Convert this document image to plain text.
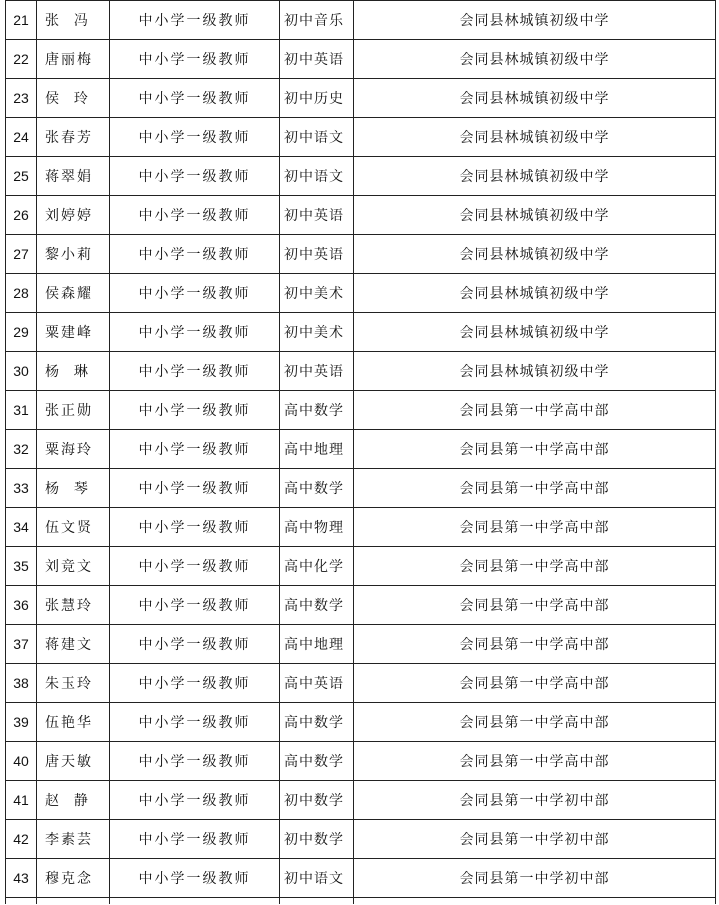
21	张  冯	中小学一级教师	初中音乐	会同县林城镇初级中学
22	唐丽梅	中小学一级教师	初中英语	会同县林城镇初级中学
23	侯  玲	中小学一级教师	初中历史	会同县林城镇初级中学
24	张春芳	中小学一级教师	初中语文	会同县林城镇初级中学
25	蒋翠娟	中小学一级教师	初中语文	会同县林城镇初级中学
26	刘婷婷	中小学一级教师	初中英语	会同县林城镇初级中学
27	黎小莉	中小学一级教师	初中英语	会同县林城镇初级中学
28	侯森耀	中小学一级教师	初中美术	会同县林城镇初级中学
29	粟建峰	中小学一级教师	初中美术	会同县林城镇初级中学
30	杨  琳	中小学一级教师	初中英语	会同县林城镇初级中学
31	张正勋	中小学一级教师	高中数学	会同县第一中学高中部
32	粟海玲	中小学一级教师	高中地理	会同县第一中学高中部
33	杨  琴	中小学一级教师	高中数学	会同县第一中学高中部
34	伍文贤	中小学一级教师	高中物理	会同县第一中学高中部
35	刘竞文	中小学一级教师	高中化学	会同县第一中学高中部
36	张慧玲	中小学一级教师	高中数学	会同县第一中学高中部
37	蒋建文	中小学一级教师	高中地理	会同县第一中学高中部
38	朱玉玲	中小学一级教师	高中英语	会同县第一中学高中部
39	伍艳华	中小学一级教师	高中数学	会同县第一中学高中部
40	唐天敏	中小学一级教师	高中数学	会同县第一中学高中部
41	赵  静	中小学一级教师	初中数学	会同县第一中学初中部
42	李素芸	中小学一级教师	初中数学	会同县第一中学初中部
43	穆克念	中小学一级教师	初中语文	会同县第一中学初中部
